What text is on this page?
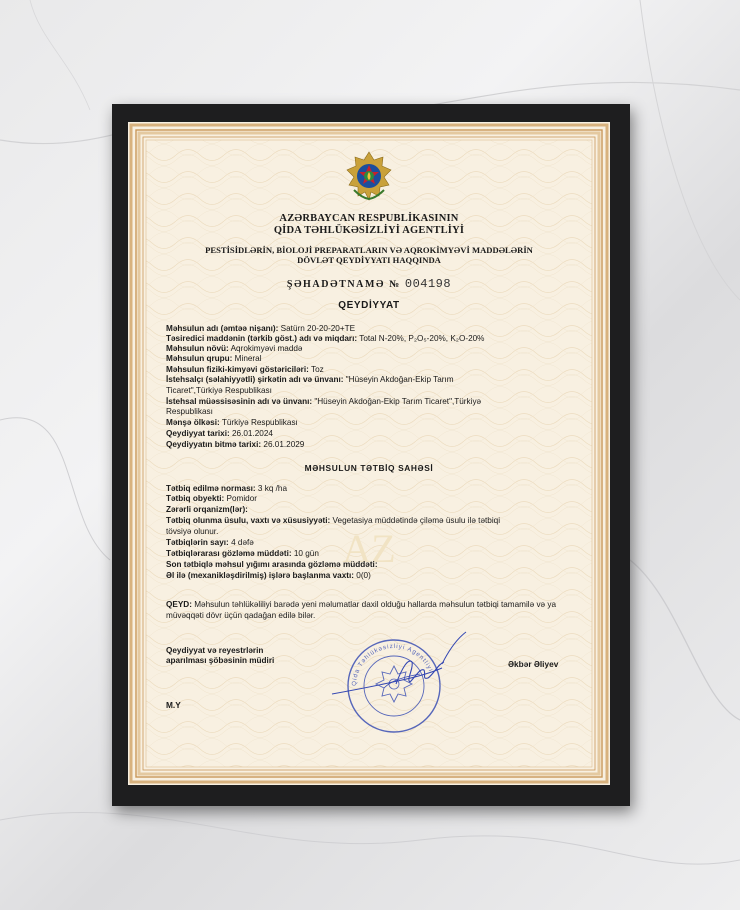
AZ
AZƏRBAYCAN RESPUBLİKASININ
QİDA TƏHLÜKƏSİZLİYİ AGENTLİYİ
PESTİSİDLƏRİN, BİOLOJİ PREPARATLARIN VƏ AQROKİMYƏVİ MADDƏLƏRİN
DÖVLƏT QEYDİYYATI HAQQINDA
ŞƏHADƏTNAMƏ № 004198
QEYDİYYAT
Məhsulun adı (əmtəə nişanı): Satürn 20-20-20+TE
Təsiredici maddənin (tərkib göst.) adı və miqdarı: Total N-20%, P₂O₅-20%, K₂O-20%
Məhsulun növü: Aqrokimyəvi maddə
Məhsulun qrupu: Mineral
Məhsulun fiziki-kimyəvi göstəriciləri: Toz
İstehsalçı (səlahiyyətli) şirkətin adı və ünvanı: "Hüseyin Akdoğan-Ekip Tarım
Ticaret",Türkiyə Respublikası
İstehsal müəssisəsinin adı və ünvanı: "Hüseyin Akdoğan-Ekip Tarım Ticaret",Türkiyə
Respublikası
Mənşə ölkəsi: Türkiyə Respublikası
Qeydiyyat tarixi: 26.01.2024
Qeydiyyatın bitmə tarixi: 26.01.2029
MƏHSULUN TƏTBİQ SAHƏSİ
Tətbiq edilmə norması: 3 kq /ha
Tətbiq obyekti: Pomidor
Zərərli orqanizm(lər):
Tətbiq olunma üsulu, vaxtı və xüsusiyyəti: Vegetasiya müddətində çiləmə üsulu ilə tətbiqi
tövsiyə olunur.
Tətbiqlərin sayı: 4 dəfə
Tətbiqlərarası gözləmə müddəti: 10 gün
Son tətbiqlə məhsul yığımı arasında gözləmə müddəti:
Əl ilə (mexanikləşdirilmiş) işlərə başlanma vaxtı: 0(0)
QEYD: Məhsulun təhlükəliliyi barədə yeni məlumatlar daxil olduğu hallarda məhsulun tətbiqi tamamilə və ya müvəqqəti dövr üçün qadağan edilə bilər.
Qeydiyyat və reyestrlərin
aparılması şöbəsinin müdiri	Əkbər Əliyev
M.Y
Qida Təhlükəsizliyi Agentliyi
